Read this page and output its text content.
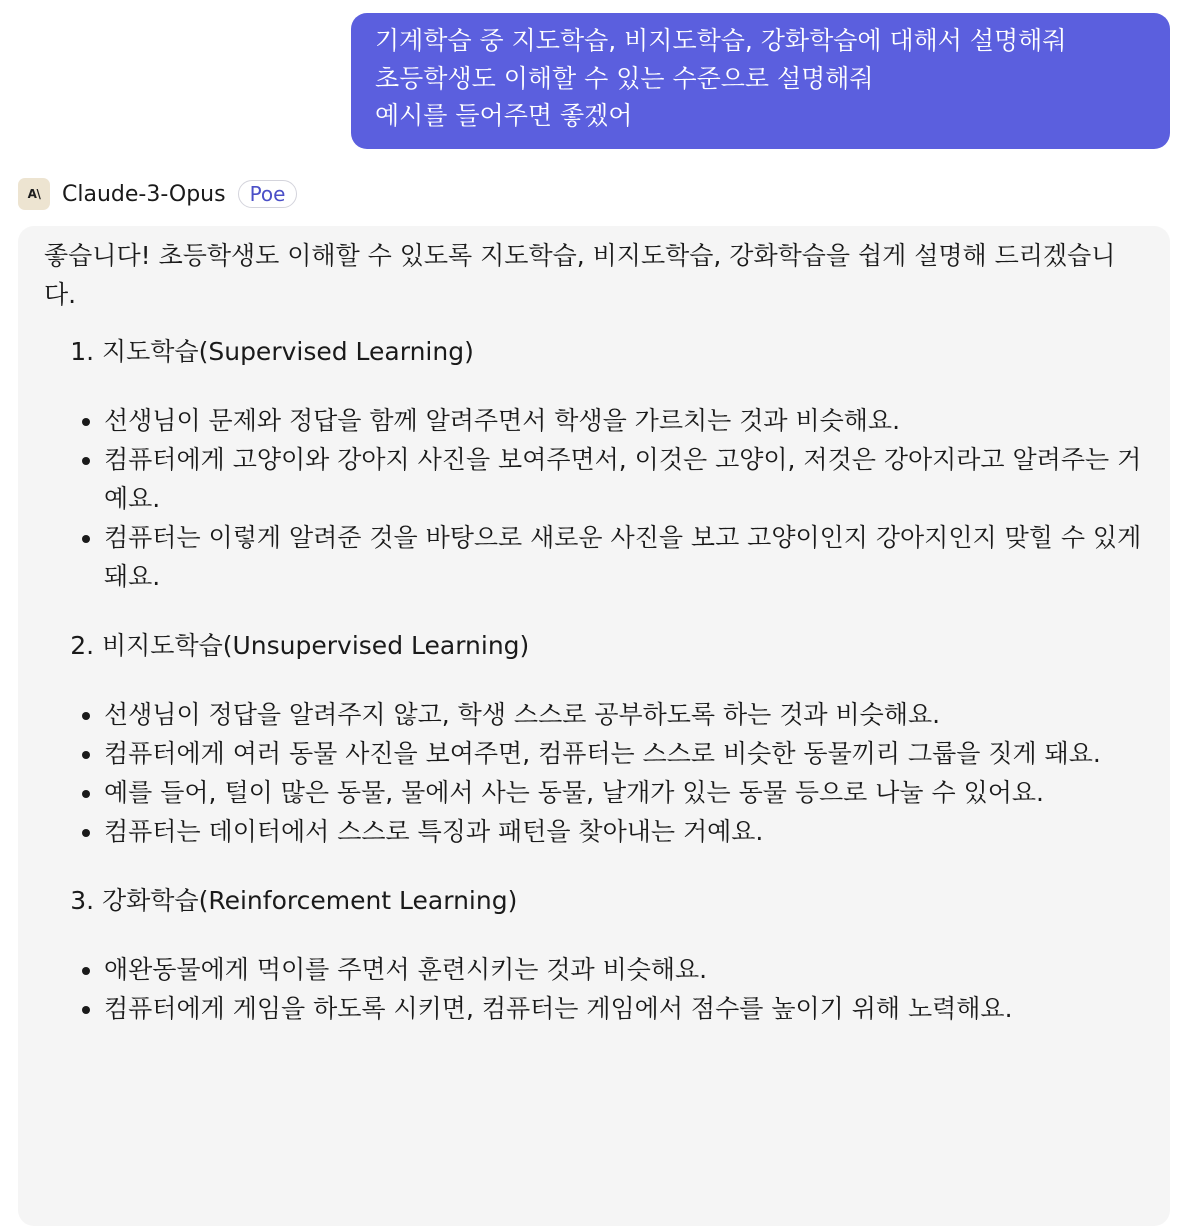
기계학습 중 지도학습, 비지도학습, 강화학습에 대해서 설명해줘
초등학생도 이해할 수 있는 수준으로 설명해줘
예시를 들어주면 좋겠어
A\ Claude-3-Opus	Poe

좋습니다! 초등학생도 이해할 수 있도록 지도학습, 비지도학습, 강화학습을 쉽게 설명해 드리겠습니다.

1. 지도학습(Supervised Learning)
• 선생님이 문제와 정답을 함께 알려주면서 학생을 가르치는 것과 비슷해요.
• 컴퓨터에게 고양이와 강아지 사진을 보여주면서, 이것은 고양이, 저것은 강아지라고 알려주는 거예요.
• 컴퓨터는 이렇게 알려준 것을 바탕으로 새로운 사진을 보고 고양이인지 강아지인지 맞힐 수 있게 돼요.
2. 비지도학습(Unsupervised Learning)
• 선생님이 정답을 알려주지 않고, 학생 스스로 공부하도록 하는 것과 비슷해요.
• 컴퓨터에게 여러 동물 사진을 보여주면, 컴퓨터는 스스로 비슷한 동물끼리 그룹을 짓게 돼요.
• 예를 들어, 털이 많은 동물, 물에서 사는 동물, 날개가 있는 동물 등으로 나눌 수 있어요.
• 컴퓨터는 데이터에서 스스로 특징과 패턴을 찾아내는 거예요.
3. 강화학습(Reinforcement Learning)
• 애완동물에게 먹이를 주면서 훈련시키는 것과 비슷해요.
• 컴퓨터에게 게임을 하도록 시키면, 컴퓨터는 게임에서 점수를 높이기 위해 노력해요.
